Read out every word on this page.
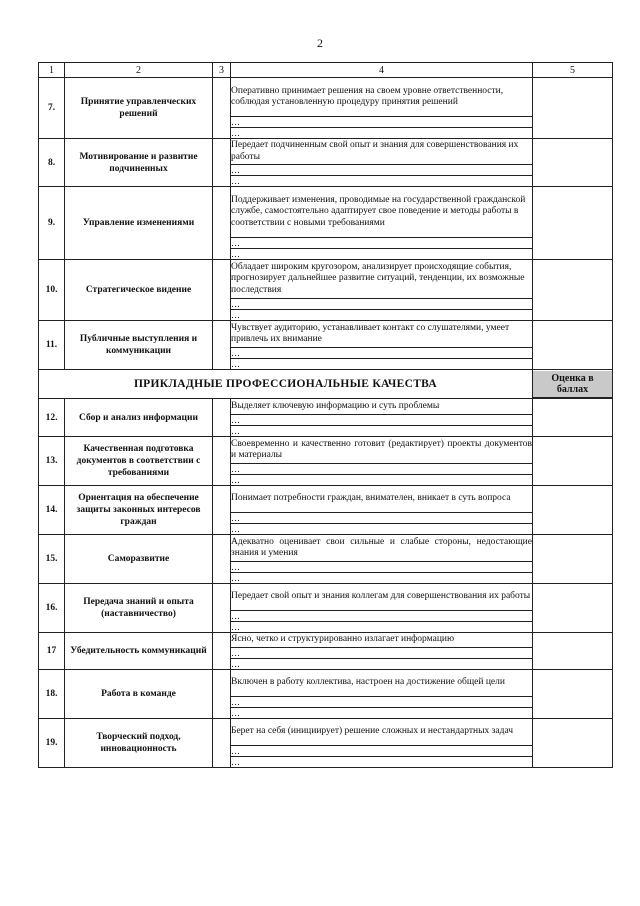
2
1	2	3	4	5
7.	Принятие управленческих решений		Оперативно принимает решения на своем уровне ответственности, соблюдая установленную процедуру принятия решений	
			…	
			…	
8.	Мотивирование и развитие подчиненных		Передает подчиненным свой опыт и знания для совершенствования их работы	
			…	
			…	
9.	Управление изменениями		Поддерживает изменения, проводимые на государственной гражданской службе, самостоятельно адаптирует свое поведение и методы работы в соответствии с новыми требованиями	
			…	
			…	
10.	Стратегическое видение		Обладает широким кругозором, анализирует происходящие события, прогнозирует дальнейшее развитие ситуаций, тенденции, их возможные последствия	
			…	
			…	
11.	Публичные выступления и коммуникации		Чувствует аудиторию, устанавливает контакт со слушателями, умеет привлечь их внимание	
			…	
			…	
ПРИКЛАДНЫЕ ПРОФЕССИОНАЛЬНЫЕ КАЧЕСТВА				Оценка в баллах

12.	Сбор и анализ информации		Выделяет ключевую информацию и суть проблемы	
			…	
			…	
13.	Качественная подготовка документов в соответствии с требованиями		Своевременно и качественно готовит (редактирует) проекты документов и материалы	
			…	
			…	
14.	Ориентация на обеспечение защиты законных интересов граждан		Понимает потребности граждан, внимателен, вникает в суть вопроса	
			…	
			…	
15.	Саморазвитие		Адекватно оценивает свои сильные и слабые стороны, недостающие знания и умения	
			…	
			…	
16.	Передача знаний и опыта (наставничество)		Передает свой опыт и знания коллегам для совершенствования их работы	
			…	
			…	
17	Убедительность коммуникаций		Ясно, четко и структурированно излагает информацию	
			…	
			…	
18.	Работа в команде		Включен в работу коллектива, настроен на достижение общей цели	
			…	
			…	
19.	Творческий подход, инновационность		Берет на себя (инициирует) решение сложных и нестандартных задач	
			…	
			…	
